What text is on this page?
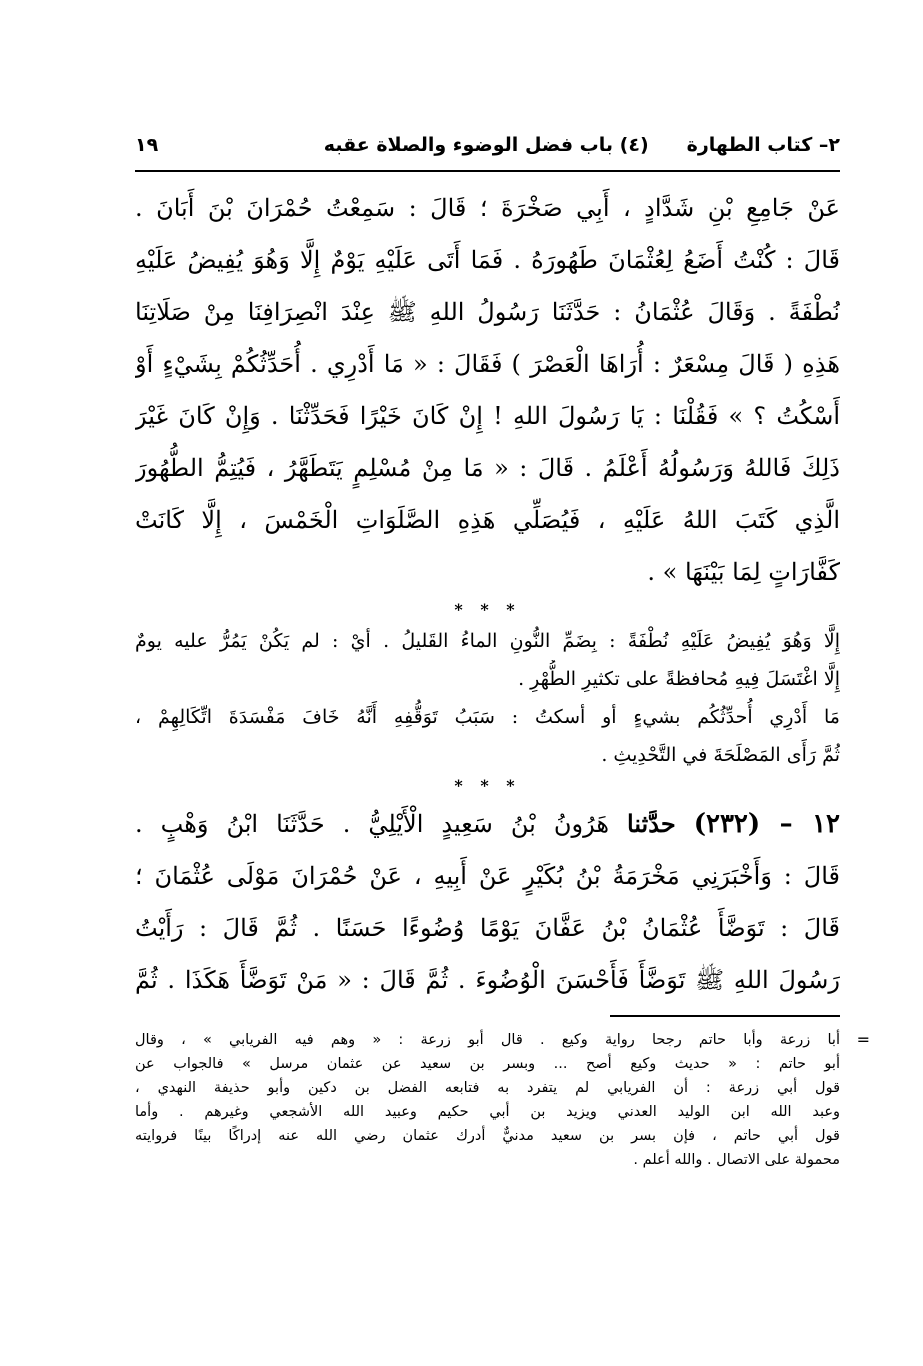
٢– كتاب الطهارة
(٤) باب فضل الوضوء والصلاة عقبه
١٩
عَنْ جَامِعِ بْنِ شَدَّادٍ ، أَبِي صَخْرَةَ ؛ قَالَ : سَمِعْتُ حُمْرَانَ بْنَ أَبَانَ .
قَالَ : كُنْتُ أَضَعُ لِعُثْمَانَ طَهُورَهُ . فَمَا أَتَى عَلَيْهِ يَوْمٌ إِلَّا وَهُوَ يُفِيضُ عَلَيْهِ
نُطْفَةً . وَقَالَ عُثْمَانُ : حَدَّثَنَا رَسُولُ اللهِ ﷺ عِنْدَ انْصِرَافِنَا مِنْ صَلَاتِنَا
هَذِهِ ( قَالَ مِسْعَرٌ : أُرَاهَا الْعَصْرَ ) فَقَالَ : « مَا أَدْرِي . أُحَدِّثُكُمْ بِشَيْءٍ أَوْ
أَسْكُتُ ؟ » فَقُلْنَا : يَا رَسُولَ اللهِ ! إِنْ كَانَ خَيْرًا فَحَدِّثْنَا . وَإِنْ كَانَ غَيْرَ
ذَلِكَ فَاللهُ وَرَسُولُهُ أَعْلَمُ . قَالَ : « مَا مِنْ مُسْلِمٍ يَتَطَهَّرُ ، فَيُتِمُّ الطُّهُورَ
الَّذِي كَتَبَ اللهُ عَلَيْهِ ، فَيُصَلِّي هَذِهِ الصَّلَوَاتِ الْخَمْسَ ، إِلَّا كَانَتْ
كَفَّارَاتٍ لِمَا بَيْنَهَا » .
* * *
إِلَّا وَهُوَ يُفِيضُ عَلَيْهِ نُطْفَةً : بِضَمِّ النُّونِ الماءُ القَليلُ . أيْ : لم يَكُنْ يَمُرُّ عليه يومٌ
إِلَّا اغْتَسَلَ فِيهِ مُحافظةً على تكثيرِ الطُّهْرِ .
مَا أَدْرِي أُحدِّثُكُم بشيءٍ أو أسكتُ : سَبَبُ تَوَقُّفِهِ أَنَّهُ خَافَ مَفْسَدَةَ اتِّكَالِهِمْ ،
ثُمَّ رَأَى المَصْلَحَةَ في التَّحْدِيثِ .
* * *
١٢ – (٢٣٢) حدَّثنا هَرُونُ بْنُ سَعِيدٍ الْأَيْلِيُّ . حَدَّثَنَا ابْنُ وَهْبٍ .
قَالَ : وَأَخْبَرَنِي مَخْرَمَةُ بْنُ بُكَيْرٍ عَنْ أَبِيهِ ، عَنْ حُمْرَانَ مَوْلَى عُثْمَانَ ؛
قَالَ : تَوَضَّأَ عُثْمَانُ بْنُ عَفَّانَ يَوْمًا وُضُوءًا حَسَنًا . ثُمَّ قَالَ : رَأَيْتُ
رَسُولَ اللهِ ﷺ تَوَضَّأَ فَأَحْسَنَ الْوُضُوءَ . ثُمَّ قَالَ : « مَنْ تَوَضَّأَ هَكَذَا . ثُمَّ
=
أبا زرعة وأبا حاتم رجحا رواية وكيع . قال أبو زرعة : « وهم فيه الفريابي » ، وقال
أبو حاتم : « حديث وكيع أصح ... وبسر بن سعيد عن عثمان مرسل » فالجواب عن
قول أبي زرعة : أن الفريابي لم يتفرد به فتابعه الفضل بن دكين وأبو حذيفة النهدي ،
وعبد الله ابن الوليد العدني ويزيد بن أبي حكيم وعبيد الله الأشجعي وغيرهم . وأما
قول أبي حاتم ، فإن بسر بن سعيد مدنيٌّ أدرك عثمان رضي الله عنه إدراكًا بينًا فروايته
محمولة على الاتصال . والله أعلم .
